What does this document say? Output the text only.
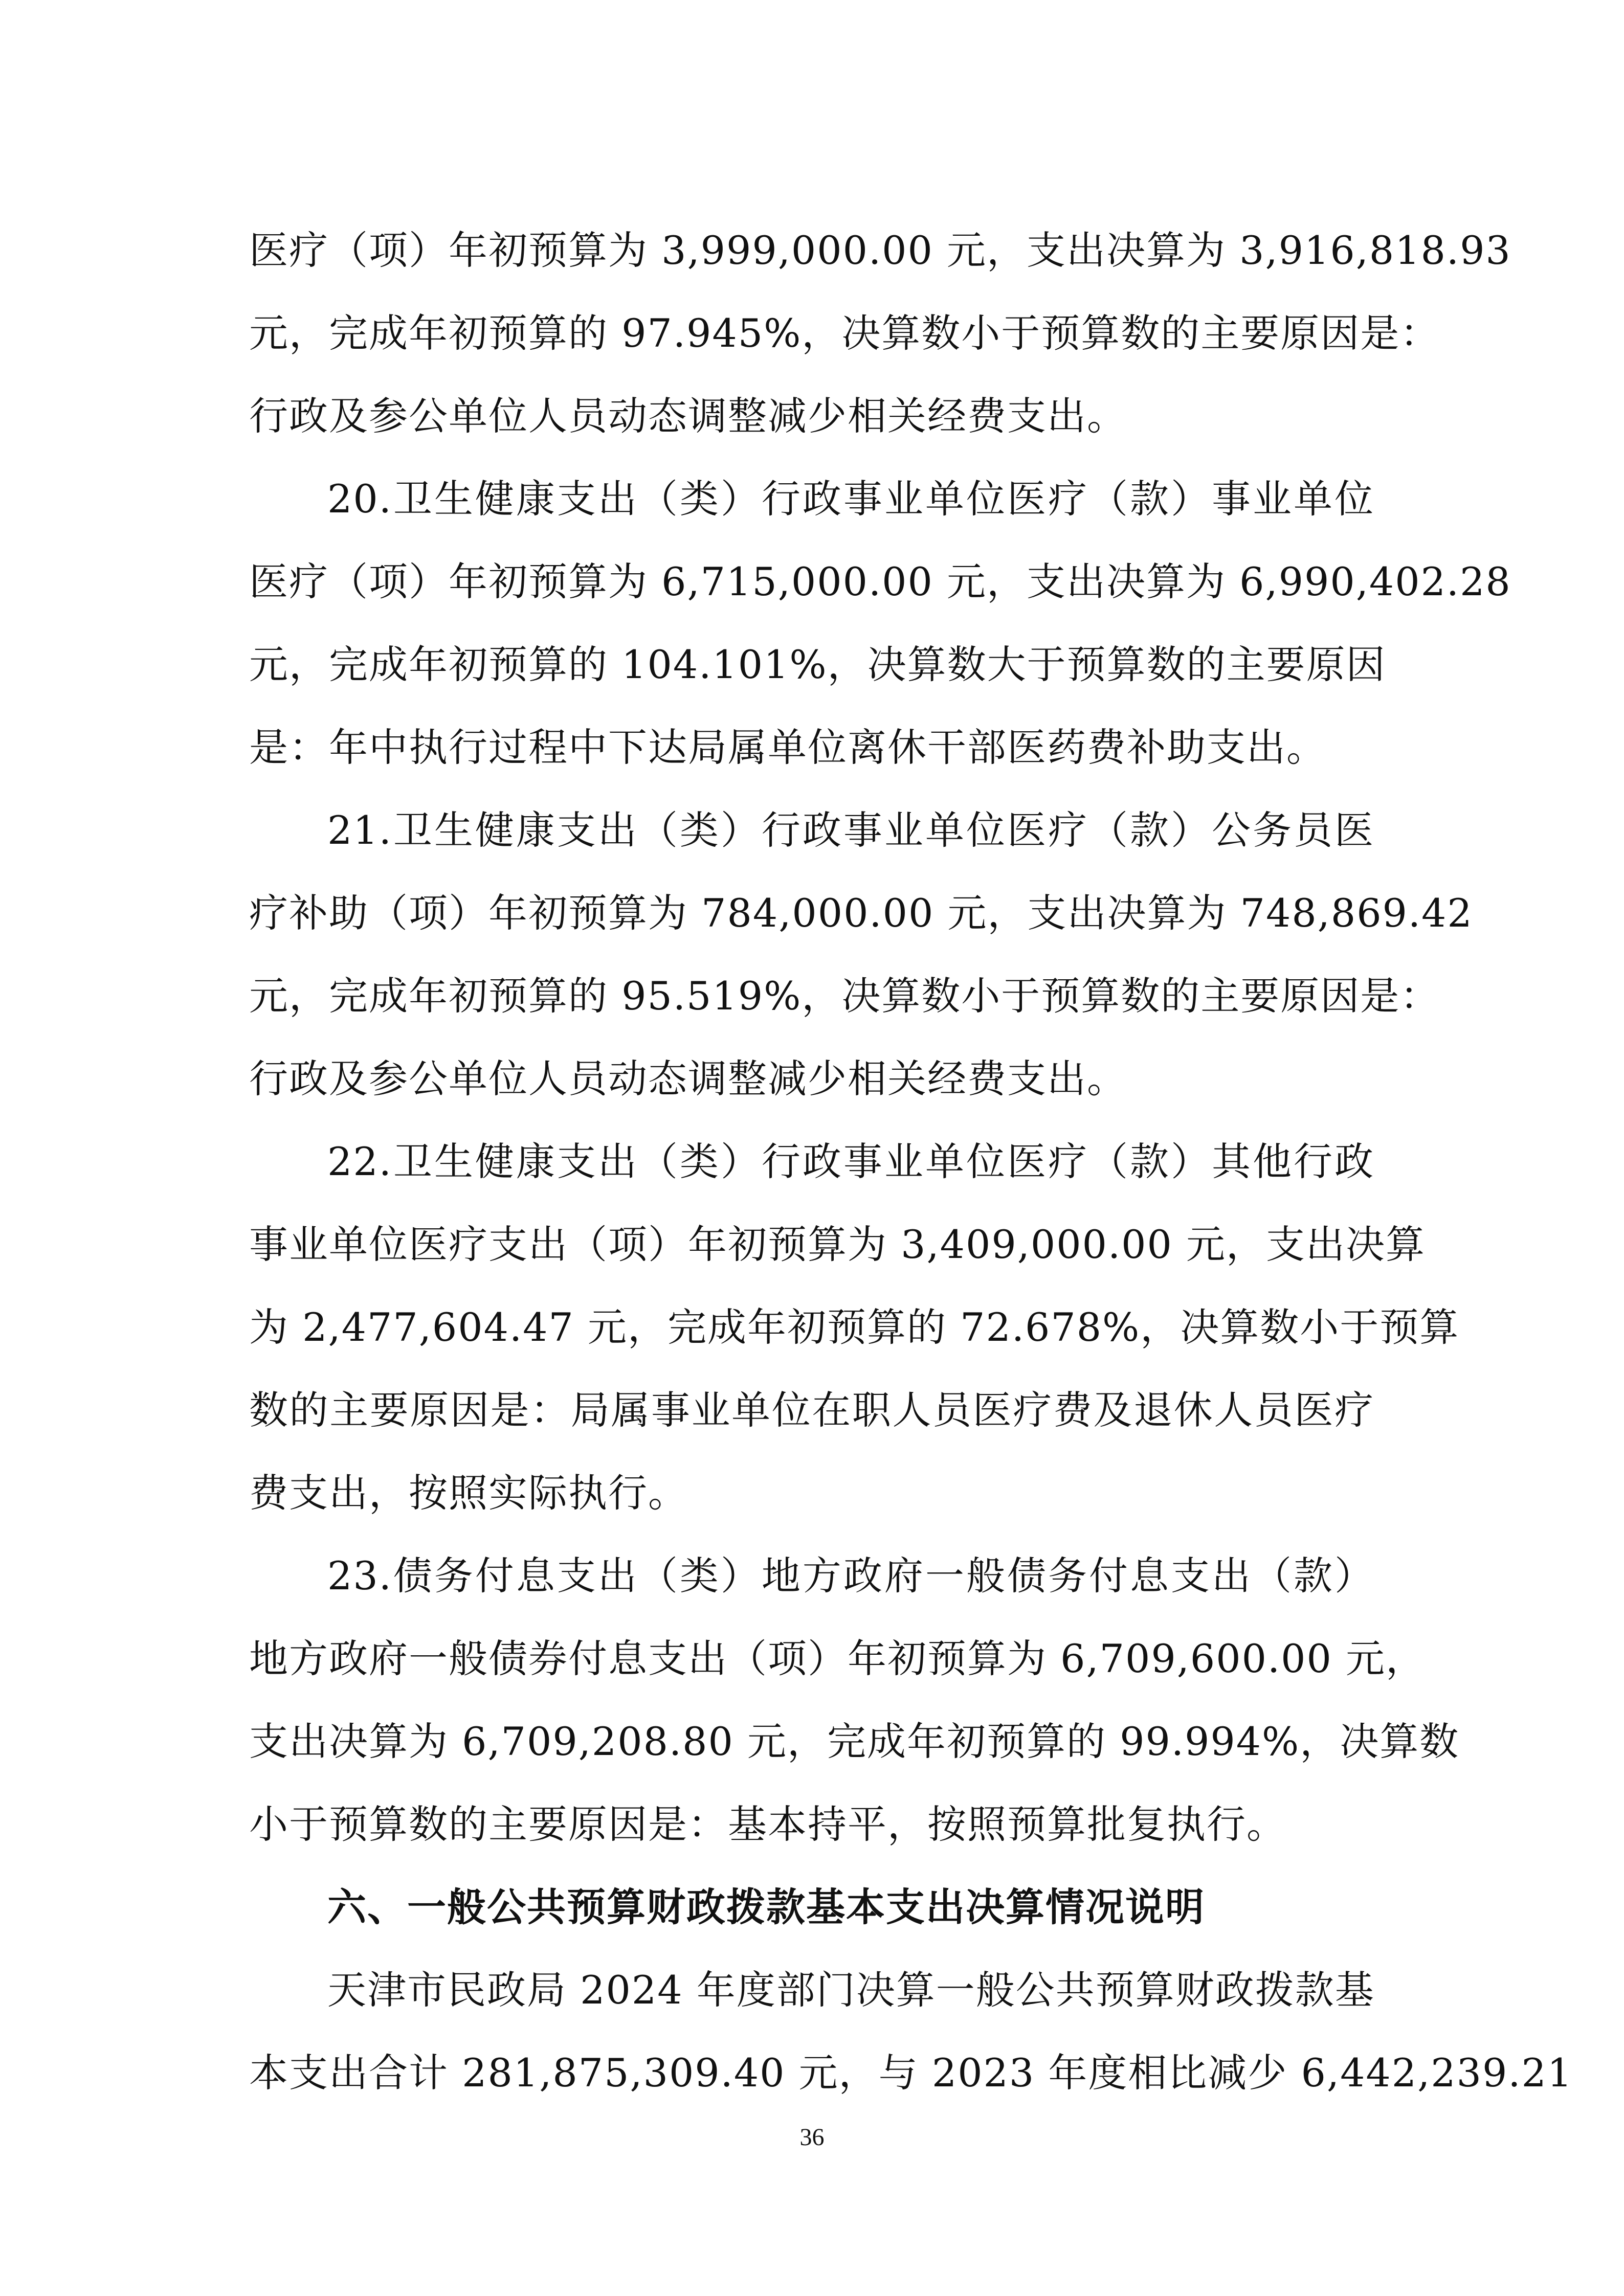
医疗（项）年初预算为 3,999,000.00 元，支出决算为 3,916,818.93
元，完成年初预算的 97.945%，决算数小于预算数的主要原因是：
行政及参公单位人员动态调整减少相关经费支出。
20.卫生健康支出（类）行政事业单位医疗（款）事业单位
医疗（项）年初预算为 6,715,000.00 元，支出决算为 6,990,402.28
元，完成年初预算的 104.101%，决算数大于预算数的主要原因
是：年中执行过程中下达局属单位离休干部医药费补助支出。
21.卫生健康支出（类）行政事业单位医疗（款）公务员医
疗补助（项）年初预算为 784,000.00 元，支出决算为 748,869.42
元，完成年初预算的 95.519%，决算数小于预算数的主要原因是：
行政及参公单位人员动态调整减少相关经费支出。
22.卫生健康支出（类）行政事业单位医疗（款）其他行政
事业单位医疗支出（项）年初预算为 3,409,000.00 元，支出决算
为 2,477,604.47 元，完成年初预算的 72.678%，决算数小于预算
数的主要原因是：局属事业单位在职人员医疗费及退休人员医疗
费支出，按照实际执行。
23.债务付息支出（类）地方政府一般债务付息支出（款）
地方政府一般债券付息支出（项）年初预算为 6,709,600.00 元，
支出决算为 6,709,208.80 元，完成年初预算的 99.994%，决算数
小于预算数的主要原因是：基本持平，按照预算批复执行。
六、一般公共预算财政拨款基本支出决算情况说明
天津市民政局 2024 年度部门决算一般公共预算财政拨款基
本支出合计 281,875,309.40 元，与 2023 年度相比减少 6,442,239.21
36
